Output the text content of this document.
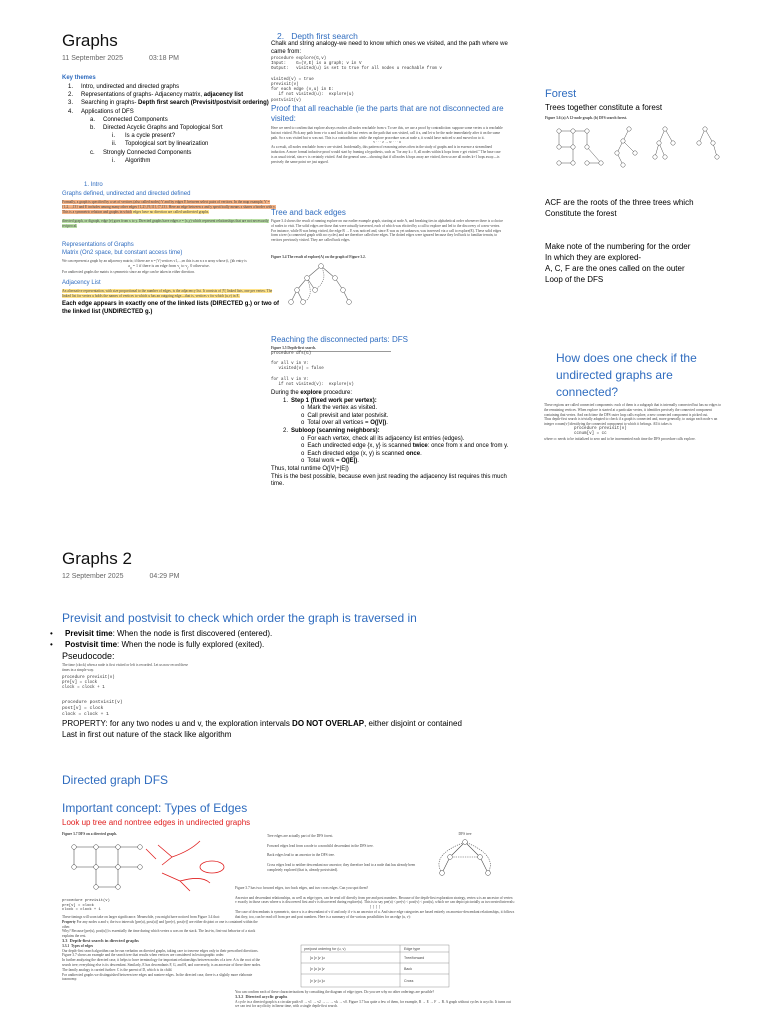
Graphs
11 September 2025	03:18 PM
Key themes
1.	Intro, undirected and directed graphs
2.	Representations of graphs- Adjacency matrix, adjacency list
3.	Searching in graphs- Depth first search (Previsit/postvisit ordering)
4.	Applications of DFS
a.	Connected Components
b.	Directed Acyclic Graphs and Topological Sort
i.	Is a cycle present?
ii.	Topological sort by linearization
c.	Strongly Connected Components
i.	Algorithm
1. Intro
Graphs defined, undirected and directed defined
Formally, a graph is specified by a set of vertices (also called nodes) V and by edges E between select pairs of vertices. In the map example, V = {1,2,...,13} and E includes among many other edges {1,2},{9,11},{7,13}. Here an edge between x and y specifically means x shares a border with y. This is a symmetric relation and graphs in which edges have no direction are called undirected graphs.

directed graph, or digraph, edge (e) goes from x to y. Directed graphs have edges e = (x,y) which represent relationships that are not necessarily reciprocal.
Representations of Graphs
Matrix (On2 space, but constant access time)
We can represent a graph by an adjacency matrix; if there are n = |V| vertices v1,...,vn this is an n x n array whose (i, j)th entry is

$a_{ij} = 1$ if there is an edge from $v_i$ to $v_j$, 0 otherwise.
For undirected graphs the matrix is symmetric since an edge can be taken in either direction.
Adjacency List
An alternative representation, with size proportional to the number of edges, is the adjacency list. It consists of |V| linked lists, one per vertex. The linked list for vertex u holds the names of vertices to which u has an outgoing edge—that is, vertices v for which (u,v) in E.
Each edge appears in exactly one of the linked lists (DIRECTED g.) or two of the linked list (UNDIRECTED g.)
2. Depth first search
Chalk and string analogy-we need to know which ones we visited, and the path where we came from:
procedure explore(G,v)
Input:    G=(V,E) is a graph; v in V
Output:   visited(u) is set to true for all nodes u reachable from v

visited(v) = true
previsit(v)
for each edge (v,u) in E:
if not visited(u):  explore(u)
postvisit(v)
Proof that all reachable (ie the parts that are not disconnected are visited:
Here we need to confirm that explore always reaches all nodes reachable from v. To see this, we use a proof by contradiction: suppose some vertex u is reachable but not visited. Pick any path from v to u and look at the last vertex on the path that was visited, call it z, and let w be the node immediately after it on the same path. So z was visited but w was not. This is a contradiction: while the explore procedure was at node z, it would have noticed w and moved on to it.

v · · · z → w · · · u
As a result, all nodes reachable from v are visited. Incidentally, this pattern of reasoning arises often in the study of graphs and is in essence a streamlined induction. A more formal inductive proof would start by framing a hypothesis, such as "for any k ≥ 0, all nodes within k hops from v get visited." The base case is as usual trivial, since v is certainly visited. And the general case—showing that if all nodes k hops away are visited, then so are all nodes k+1 hops away—is precisely the same point we just argued.
Tree and back edges
Figure 3.4 shows the result of running explore on our earlier example graph, starting at node A, and breaking ties in alphabetical order whenever there is a choice of nodes to visit. The solid edges are those that were actually traversed, each of which was elicited by a call to explore and led to the discovery of a new vertex. For instance, while B was being visited, the edge B → E was noticed and, since E was as yet unknown, was traversed via a call to explore(E). These solid edges form a tree (a connected graph with no cycles) and are therefore called tree edges. The dotted edges were ignored because they led back to familiar terrain, to vertices previously visited. They are called back edges.
Figure 3.4 The result of explore(A) on the graph of Figure 3.2.
Reaching the disconnected parts: DFS
Figure 3.5 Depth-first search.
procedure dfs(G)

for all v in V:
visited(v) = false

for all v in V:
if not visited(v):  explore(v)
During the explore procedure:
1. Step 1 (fixed work per vertex):
o Mark the vertex as visited.
o Call previsit and later postvisit.
o Total over all vertices = O(|V|).
2. Subloop (scanning neighbors):
o For each vertex, check all its adjacency list entries (edges).
o Each undirected edge {x, y} is scanned twice: once from x and once from y.
o Each directed edge (x, y) is scanned once.
o Total work = O(|E|).
Thus, total runtime O(|V|+|E|)
This is the best possible, because even just reading the adjacency list requires this much time.
Forest
Trees together constitute a forest
Figure 3.6 (a) A 12-node graph. (b) DFS search forest.
ACF are the roots of the three trees which
Constitute the forest
Make note of the numbering for the order
In which they are explored-
A, C, F are the ones called on the outer
Loop of the DFS
How does one check if the undirected graphs are connected?
These regions are called connected components: each of them is a subgraph that is internally connected but has no edges to the remaining vertices. When explore is started at a particular vertex, it identifies precisely the connected component containing that vertex. And each time the DFS outer loop calls explore, a new connected component is picked out.
Thus depth-first search is trivially adapted to check if a graph is connected and, more generally, to assign each node v an integer ccnum[v] identifying the connected component to which it belongs. All it takes is
procedure previsit(v)
ccnum[v] = cc
where cc needs to be initialized to zero and to be incremented each time the DFS procedure calls explore.
Graphs 2
12 September 2025	04:29 PM
Previsit and postvisit to check which order the graph is traversed in
•	Previsit time: When the node is first discovered (entered).
•	Postvisit time: When the node is fully explored (exited).
Pseudocode:
The time (clock) when a node is first visited or left is recorded. Let us now record these times in a simple way.
procedure previsit(v)
pre[v] = clock
clock = clock + 1
procedure postvisit(v)
post[v] = clock
clock = clock + 1
PROPERTY: for any two nodes u and v, the exploration intervals DO NOT OVERLAP, either disjoint or contained
Last in first out nature of the stack like algorithm
Directed graph DFS
Important concept: Types of Edges
Look up tree and nontree edges in undirected graphs
Figure 3.7 DFS on a directed graph.
procedure previsit(v)
pre[v] = clock
clock = clock + 1
These timings will soon take on larger significance. Meanwhile, you might have noticed from Figure 3.4 that:
Property For any nodes u and v, the two intervals [pre(u), post(u)] and [pre(v), post(v)] are either disjoint or one is contained within the other.
Why? Because [pre(u), post(u)] is essentially the time during which vertex u was on the stack. The last-in, first-out behavior of a stack explains the rest.
3.3  Depth-first search in directed graphs
3.3.1  Types of edges
Our depth-first search algorithm can be run verbatim on directed graphs, taking care to traverse edges only in their prescribed directions. Figure 3.7 shows an example and the search tree that results when vertices are considered in lexicographic order.
In further analyzing the directed case, it helps to have terminology for important relationships between nodes of a tree. A is the root of the search tree; everything else is its descendant. Similarly, E has descendants F, G, and H, and conversely, is an ancestor of these three nodes. The family analogy is carried further: C is the parent of D, which is its child.
For undirected graphs we distinguished between tree edges and nontree edges. In the directed case, there is a slightly more elaborate taxonomy.
Tree edges are actually part of the DFS forest.

Forward edges lead from a node to a nonchild descendant in the DFS tree.

Back edges lead to an ancestor in the DFS tree.

Cross edges lead to neither descendant nor ancestor; they therefore lead to a node that has already been completely explored (that is, already postvisited).
DFS tree
Figure 3.7 has two forward edges, two back edges, and two cross edges. Can you spot them?

Ancestor and descendant relationships, as well as edge types, can be read off directly from pre and post numbers. Because of the depth-first exploration strategy, vertex u is an ancestor of vertex v exactly in those cases where u is discovered first and v is discovered during explore(u). This is to say pre(u) < pre(v) < post(v) < post(u), which we can depict pictorially as two nested intervals:
[  [  ]  ]
The case of descendants is symmetric, since u is a descendant of v if and only if v is an ancestor of u. And since edge categories are based entirely on ancestor-descendant relationships, it follows that they, too, can be read off from pre and post numbers. Here is a summary of the various possibilities for an edge (u, v):
pre/post ordering for (u, v)	Edge type
[u [v ]v ]u	Tree/forward
[v [u ]u ]v	Back
[v ]v [u ]u	Cross
You can confirm each of these characterizations by consulting the diagram of edge types. Do you see why no other orderings are possible?
3.3.2  Directed acyclic graphs
A cycle in a directed graph is a circular path v0 → v1 → v2 → ... → vk → v0. Figure 3.7 has quite a few of them, for example, B → E → F → B. A graph without cycles is acyclic. It turns out we can test for acyclicity in linear time, with a single depth-first search.
